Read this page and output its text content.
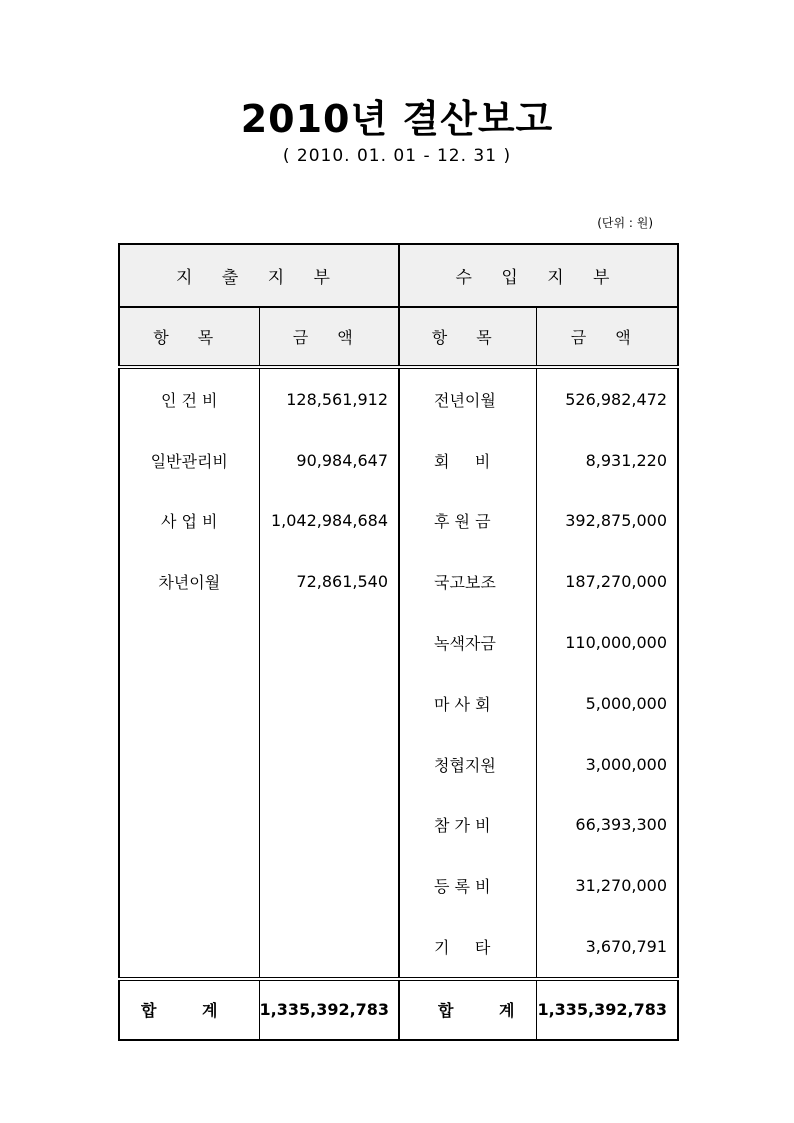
2010년 결산보고
( 2010. 01. 01 - 12. 31 )
(단위 : 원)
지 출 지 부		수 입 지 부	
항 목	금 액	항 목	금 액
인 건 비	128,561,912	전년이월	526,982,472
일반관리비	90,984,647	회     비	8,931,220
사 업 비	1,042,984,684	후 원 금	392,875,000
차년이월	72,861,540	국고보조	187,270,000
		녹색자금	110,000,000
		마 사 회	5,000,000
		청협지원	3,000,000
		참 가 비	66,393,300
		등 록 비	31,270,000
		기     타	3,670,791
합 계	1,335,392,783	합 계	1,335,392,783
